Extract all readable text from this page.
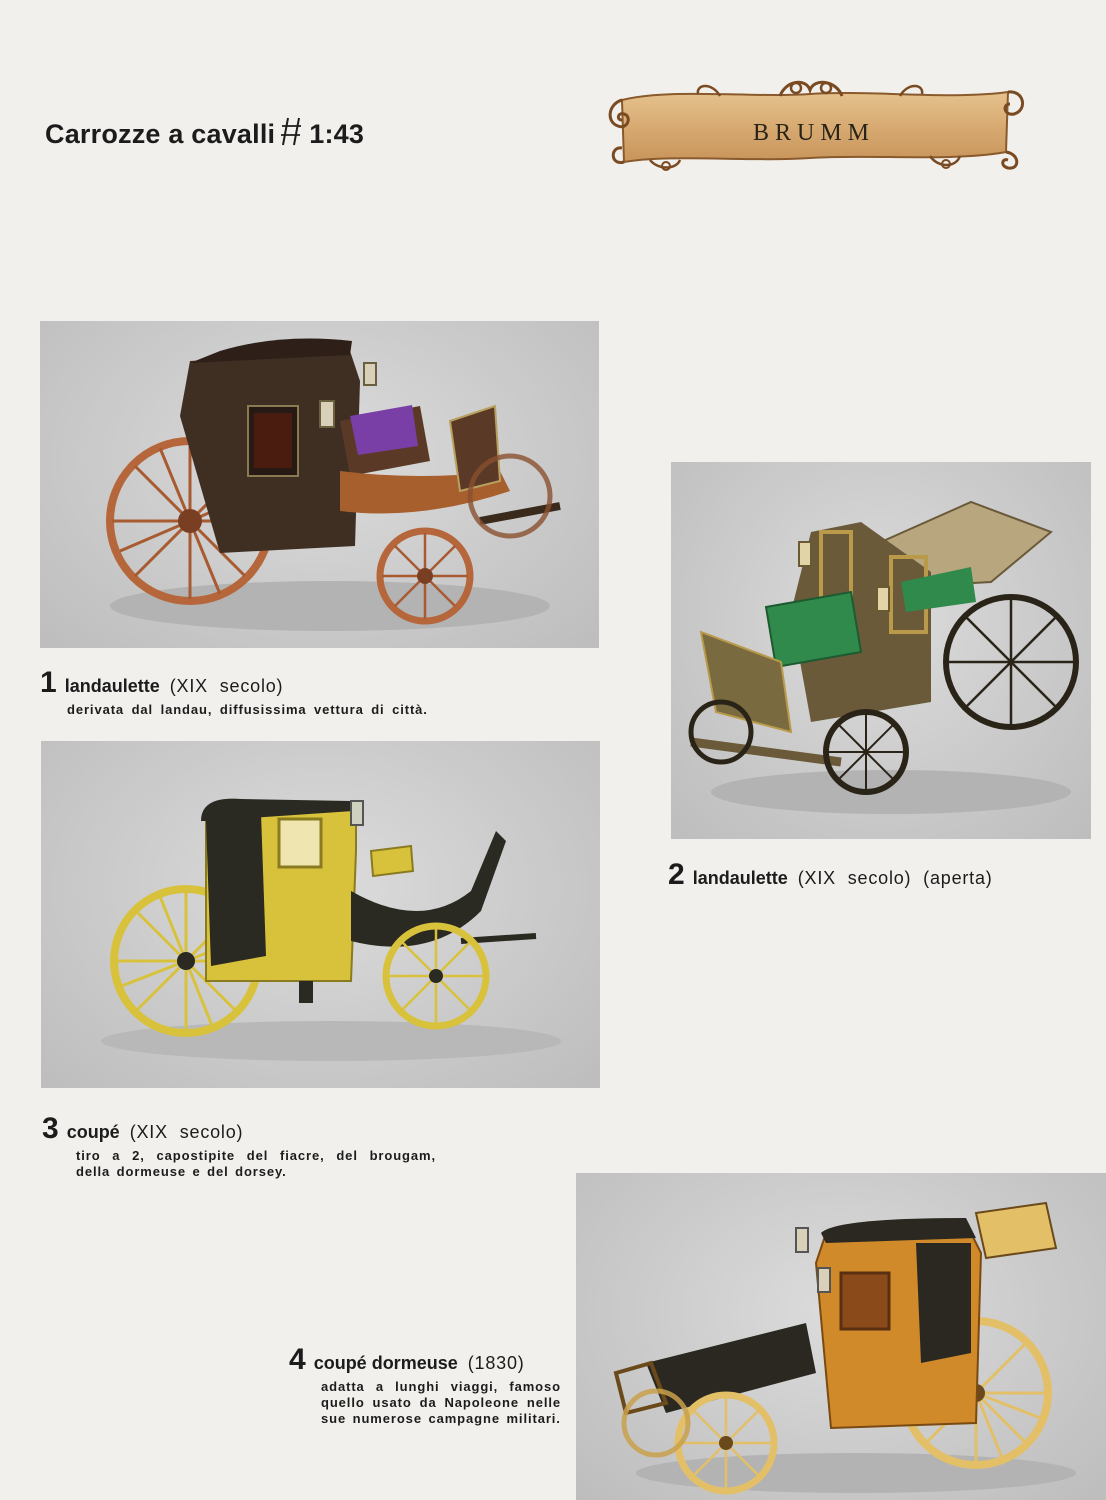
Carrozze a cavalli 1:43	BRUMM
1 landaulette (XIX secolo)
derivata dal landau, diffusissima vettura di città.
2 landaulette (XIX secolo) (aperta)
3 coupé (XIX secolo)
tiro a 2, capostipite del fiacre, del brougam, della dormeuse e del dorsey.
4 coupé dormeuse (1830)
adatta a lunghi viaggi, famoso quello usato da Napoleone nelle sue numerose campagne militari.
